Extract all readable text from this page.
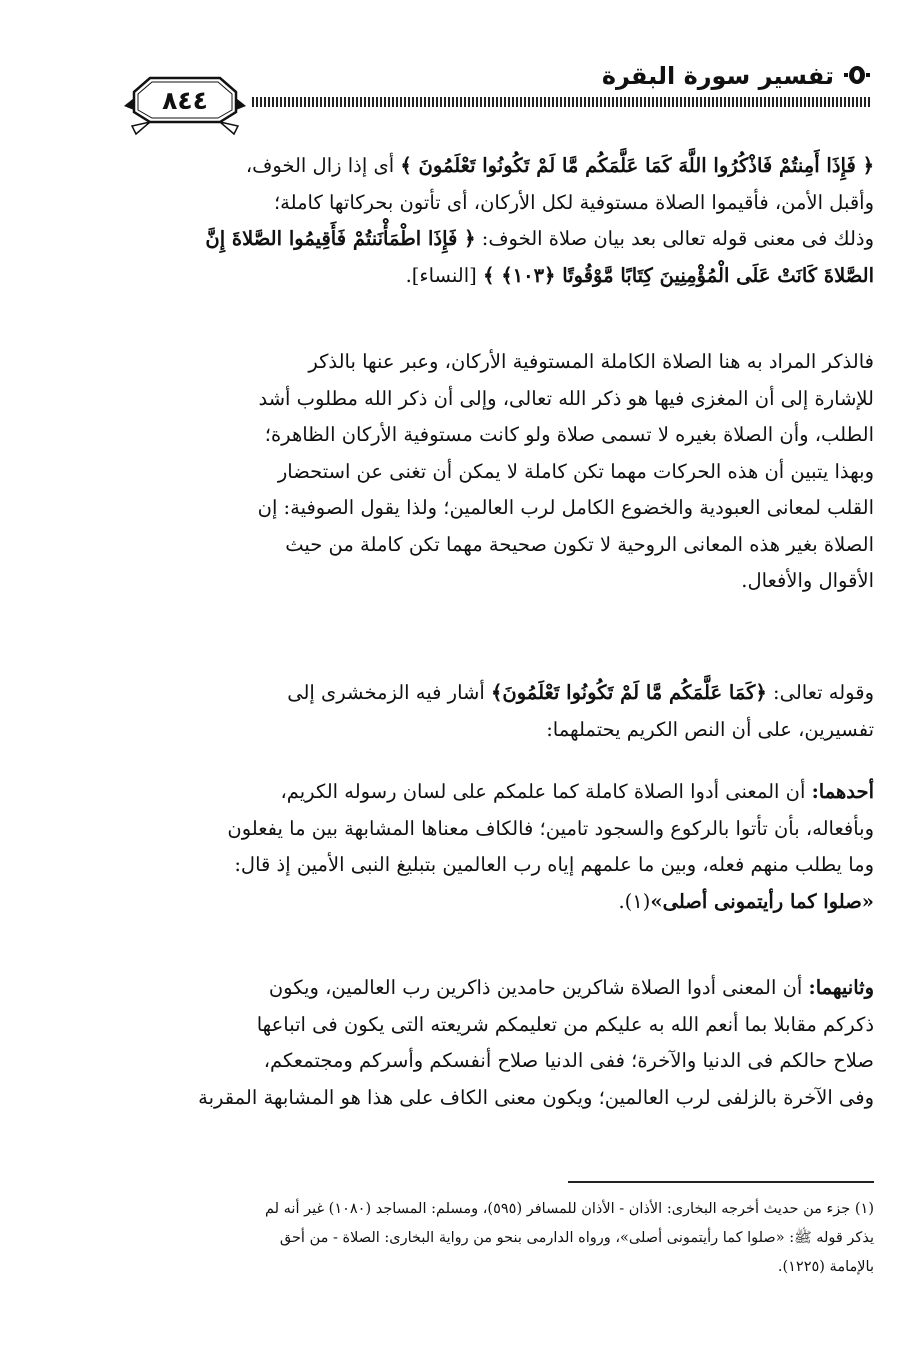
تفسير سورة البقرة
٨٤٤

﴿ فَإِذَا أَمِنتُمْ فَاذْكُرُوا اللَّهَ كَمَا عَلَّمَكُم مَّا لَمْ تَكُونُوا تَعْلَمُونَ ﴾ أى إذا زال الخوف،

وأقبل الأمن، فأقيموا الصلاة مستوفية لكل الأركان، أى تأتون بحركاتها كاملة؛

وذلك فى معنى قوله تعالى بعد بيان صلاة الخوف: ﴿ فَإِذَا اطْمَأْنَنتُمْ فَأَقِيمُوا الصَّلاةَ إِنَّ

الصَّلاةَ كَانَتْ عَلَى الْمُؤْمِنِينَ كِتَابًا مَّوْقُوتًا ﴿١٠٣﴾ ﴾ [النساء].

فالذكر المراد به هنا الصلاة الكاملة المستوفية الأركان، وعبر عنها بالذكر

للإشارة إلى أن المغزى فيها هو ذكر الله تعالى، وإلى أن ذكر الله مطلوب أشد

الطلب، وأن الصلاة بغيره لا تسمى صلاة ولو كانت مستوفية الأركان الظاهرة؛

وبهذا يتبين أن هذه الحركات مهما تكن كاملة لا يمكن أن تغنى عن استحضار

القلب لمعانى العبودية والخضوع الكامل لرب العالمين؛ ولذا يقول الصوفية: إن

الصلاة بغير هذه المعانى الروحية لا تكون صحيحة مهما تكن كاملة من حيث

الأقوال والأفعال.

وقوله تعالى: ﴿كَمَا عَلَّمَكُم مَّا لَمْ تَكُونُوا تَعْلَمُونَ﴾ أشار فيه الزمخشرى إلى

تفسيرين، على أن النص الكريم يحتملهما:

أحدهما: أن المعنى أدوا الصلاة كاملة كما علمكم على لسان رسوله الكريم،

وبأفعاله، بأن تأتوا بالركوع والسجود تامين؛ فالكاف معناها المشابهة بين ما يفعلون

وما يطلب منهم فعله، وبين ما علمهم إياه رب العالمين بتبليغ النبى الأمين إذ قال:

«صلوا كما رأيتمونى أصلى»(١).

وثانيهما: أن المعنى أدوا الصلاة شاكرين حامدين ذاكرين رب العالمين، ويكون

ذكركم مقابلا بما أنعم الله به عليكم من تعليمكم شريعته التى يكون فى اتباعها

صلاح حالكم فى الدنيا والآخرة؛ ففى الدنيا صلاح أنفسكم وأسركم ومجتمعكم،

وفى الآخرة بالزلفى لرب العالمين؛ ويكون معنى الكاف على هذا هو المشابهة المقربة

(١) جزء من حديث أخرجه البخارى: الأذان - الأذان للمسافر (٥٩٥)، ومسلم: المساجد (١٠٨٠) غير أنه لم
يذكر قوله ﷺ: «صلوا كما رأيتمونى أصلى»، ورواه الدارمى بنحو من رواية البخارى: الصلاة - من أحق
بالإمامة (١٢٢٥).
